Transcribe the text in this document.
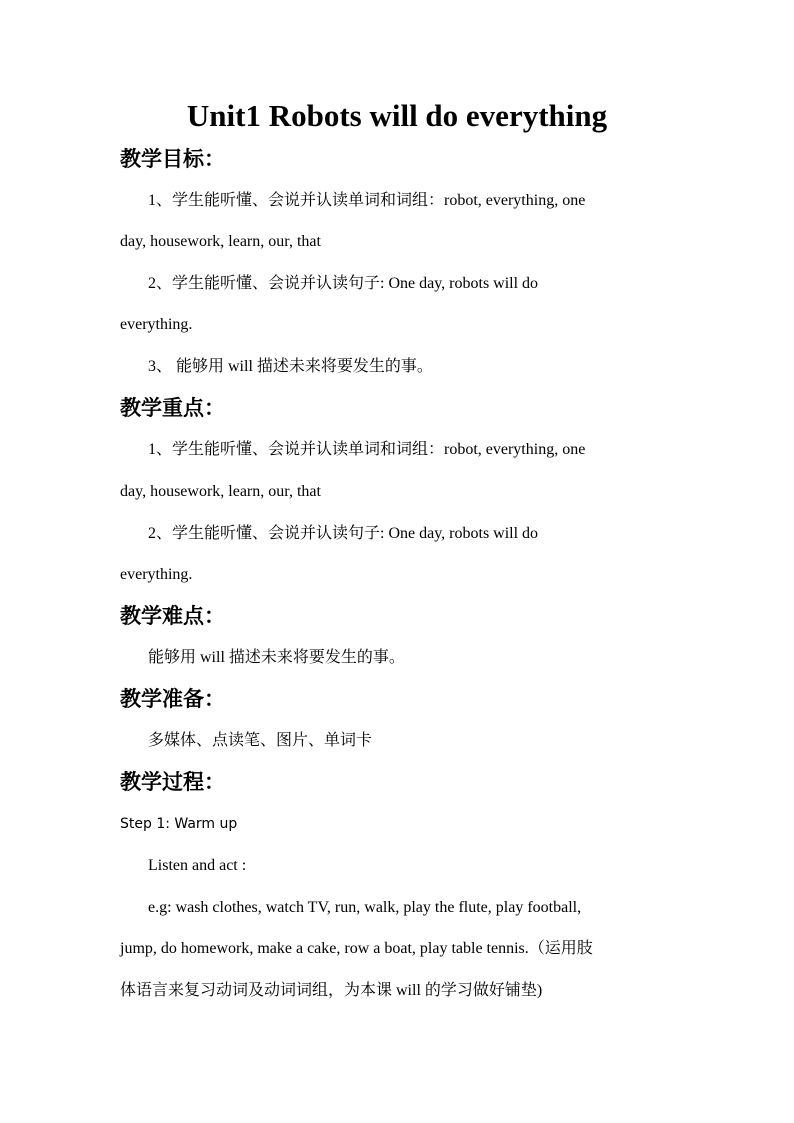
Unit1 Robots will do everything
教学目标：

1、学生能听懂、会说并认读单词和词组：robot, everything, one

day, housework, learn, our, that

2、学生能听懂、会说并认读句子: One day, robots will do

everything.

3、 能够用 will 描述未来将要发生的事。

教学重点：

1、学生能听懂、会说并认读单词和词组：robot, everything, one

day, housework, learn, our, that

2、学生能听懂、会说并认读句子: One day, robots will do

everything.

教学难点：

能够用 will 描述未来将要发生的事。

教学准备：

多媒体、点读笔、图片、单词卡

教学过程：

Step 1: Warm up

Listen and act :

e.g: wash clothes, watch TV, run, walk, play the flute, play football,

jump, do homework, make a cake, row a boat, play table tennis.（运用肢

体语言来复习动词及动词词组，为本课 will 的学习做好铺垫)
